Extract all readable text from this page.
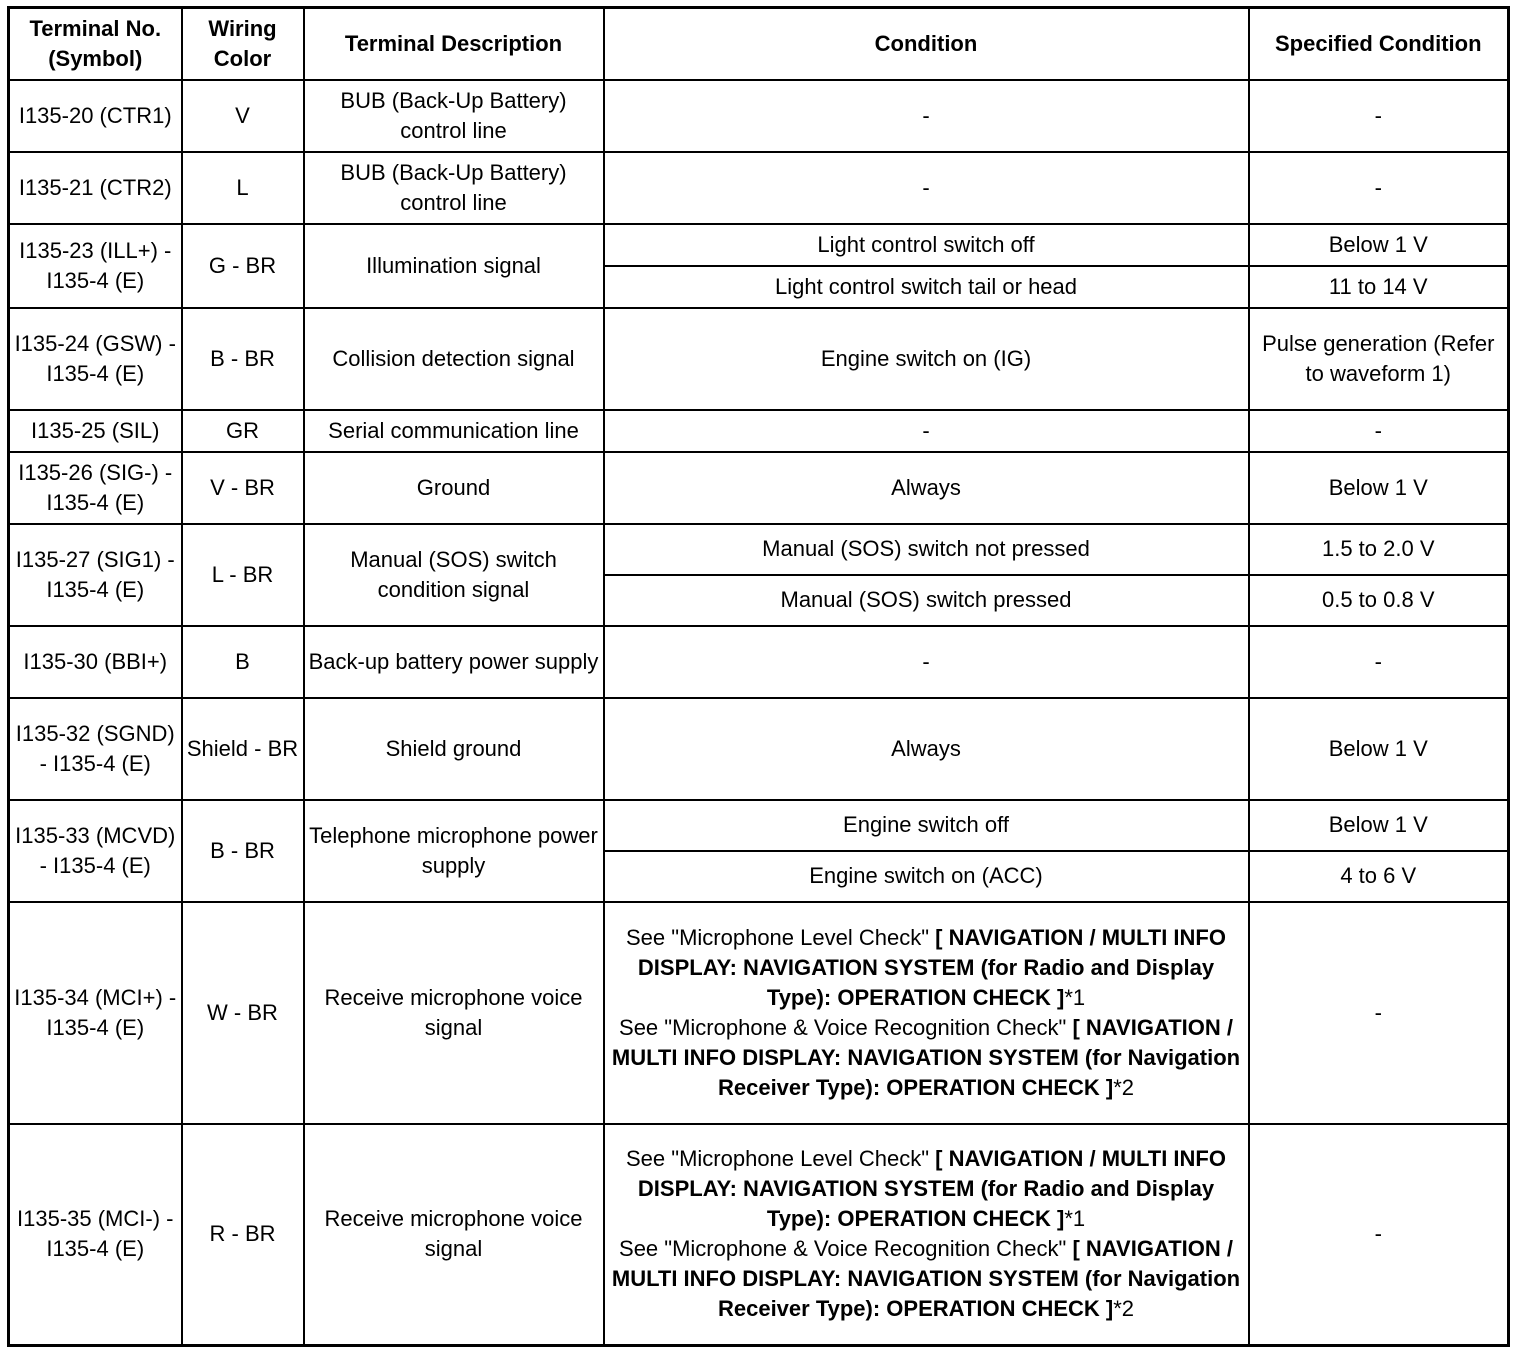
Terminal No. (Symbol)	Wiring Color	Terminal Description	Condition	Specified Condition
I135-20 (CTR1)	V	BUB (Back-Up Battery) control line	-	-
I135-21 (CTR2)	L	BUB (Back-Up Battery) control line	-	-
I135-23 (ILL+) - I135-4 (E)	G - BR	Illumination signal	Light control switch off	Below 1 V
			Light control switch tail or head	11 to 14 V
I135-24 (GSW) - I135-4 (E)	B - BR	Collision detection signal	Engine switch on (IG)	Pulse generation (Refer to waveform 1)
I135-25 (SIL)	GR	Serial communication line	-	-
I135-26 (SIG-) - I135-4 (E)	V - BR	Ground	Always	Below 1 V
I135-27 (SIG1) - I135-4 (E)	L - BR	Manual (SOS) switch condition signal	Manual (SOS) switch not pressed	1.5 to 2.0 V
			Manual (SOS) switch pressed	0.5 to 0.8 V
I135-30 (BBI+)	B	Back-up battery power supply	-	-
I135-32 (SGND) - I135-4 (E)	Shield - BR	Shield ground	Always	Below 1 V
I135-33 (MCVD) - I135-4 (E)	B - BR	Telephone microphone power supply	Engine switch off	Below 1 V
			Engine switch on (ACC)	4 to 6 V
I135-34 (MCI+) - I135-4 (E)	W - BR	Receive microphone voice signal	See "Microphone Level Check" [ NAVIGATION / MULTI INFO DISPLAY: NAVIGATION SYSTEM (for Radio and Display Type): OPERATION CHECK ]*1
See "Microphone & Voice Recognition Check" [ NAVIGATION / MULTI INFO DISPLAY: NAVIGATION SYSTEM (for Navigation Receiver Type): OPERATION CHECK ]*2	-
I135-35 (MCI-) - I135-4 (E)	R - BR	Receive microphone voice signal	See "Microphone Level Check" [ NAVIGATION / MULTI INFO DISPLAY: NAVIGATION SYSTEM (for Radio and Display Type): OPERATION CHECK ]*1
See "Microphone & Voice Recognition Check" [ NAVIGATION / MULTI INFO DISPLAY: NAVIGATION SYSTEM (for Navigation Receiver Type): OPERATION CHECK ]*2	-
